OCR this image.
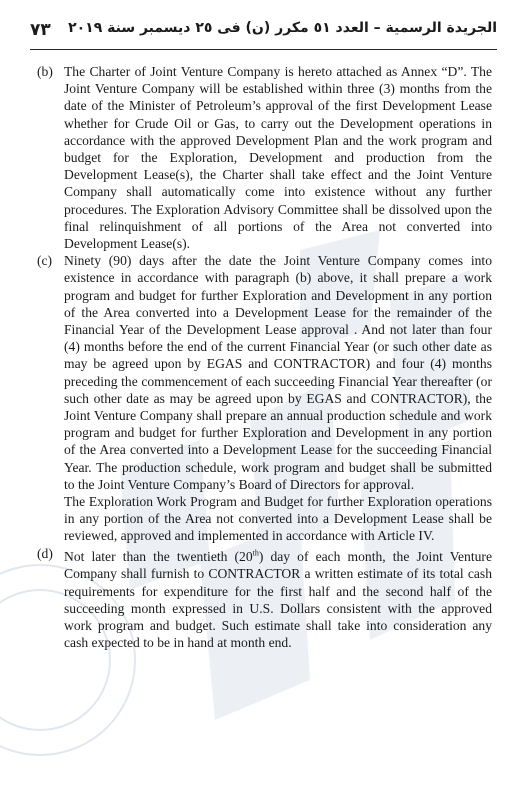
٧٣ الجريدة الرسمية – العدد ٥١ مكرر (ن) فى ٢٥ ديسمبر سنة ٢٠١٩

(b) The Charter of Joint Venture Company is hereto attached as Annex “D”. The Joint Venture Company will be established within three (3) months from the date of the Minister of Petroleum’s approval of the first Development Lease whether for Crude Oil or Gas, to carry out the Development operations in accordance with the approved Development Plan and the work program and budget for the Exploration, Development and production from the Development Lease(s), the Charter shall take effect and the Joint Venture Company shall automatically come into existence without any further procedures. The Exploration Advisory Committee shall be dissolved upon the final relinquishment of all portions of the Area not converted into Development Lease(s).

(c) Ninety (90) days after the date the Joint Venture Company comes into existence in accordance with paragraph (b) above, it shall prepare a work program and budget for further Exploration and Development in any portion of the Area converted into a Development Lease for the remainder of the Financial Year of the Development Lease approval . And not later than four (4) months before the end of the current Financial Year (or such other date as may be agreed upon by EGAS and CONTRACTOR) and four (4) months preceding the commencement of each succeeding Financial Year thereafter (or such other date as may be agreed upon by EGAS and CONTRACTOR), the Joint Venture Company shall prepare an annual production schedule and work program and budget for further Exploration and Development in any portion of the Area converted into a Development Lease for the succeeding Financial Year. The production schedule, work program and budget shall be submitted to the Joint Venture Company’s Board of Directors for approval.

The Exploration Work Program and Budget for further Exploration operations in any portion of the Area not converted into a Development Lease shall be reviewed, approved and implemented in accordance with Article IV.

(d) Not later than the twentieth (20th) day of each month, the Joint Venture Company shall furnish to CONTRACTOR a written estimate of its total cash requirements for expenditure for the first half and the second half of the succeeding month expressed in U.S. Dollars consistent with the approved work program and budget. Such estimate shall take into consideration any cash expected to be in hand at month end.
